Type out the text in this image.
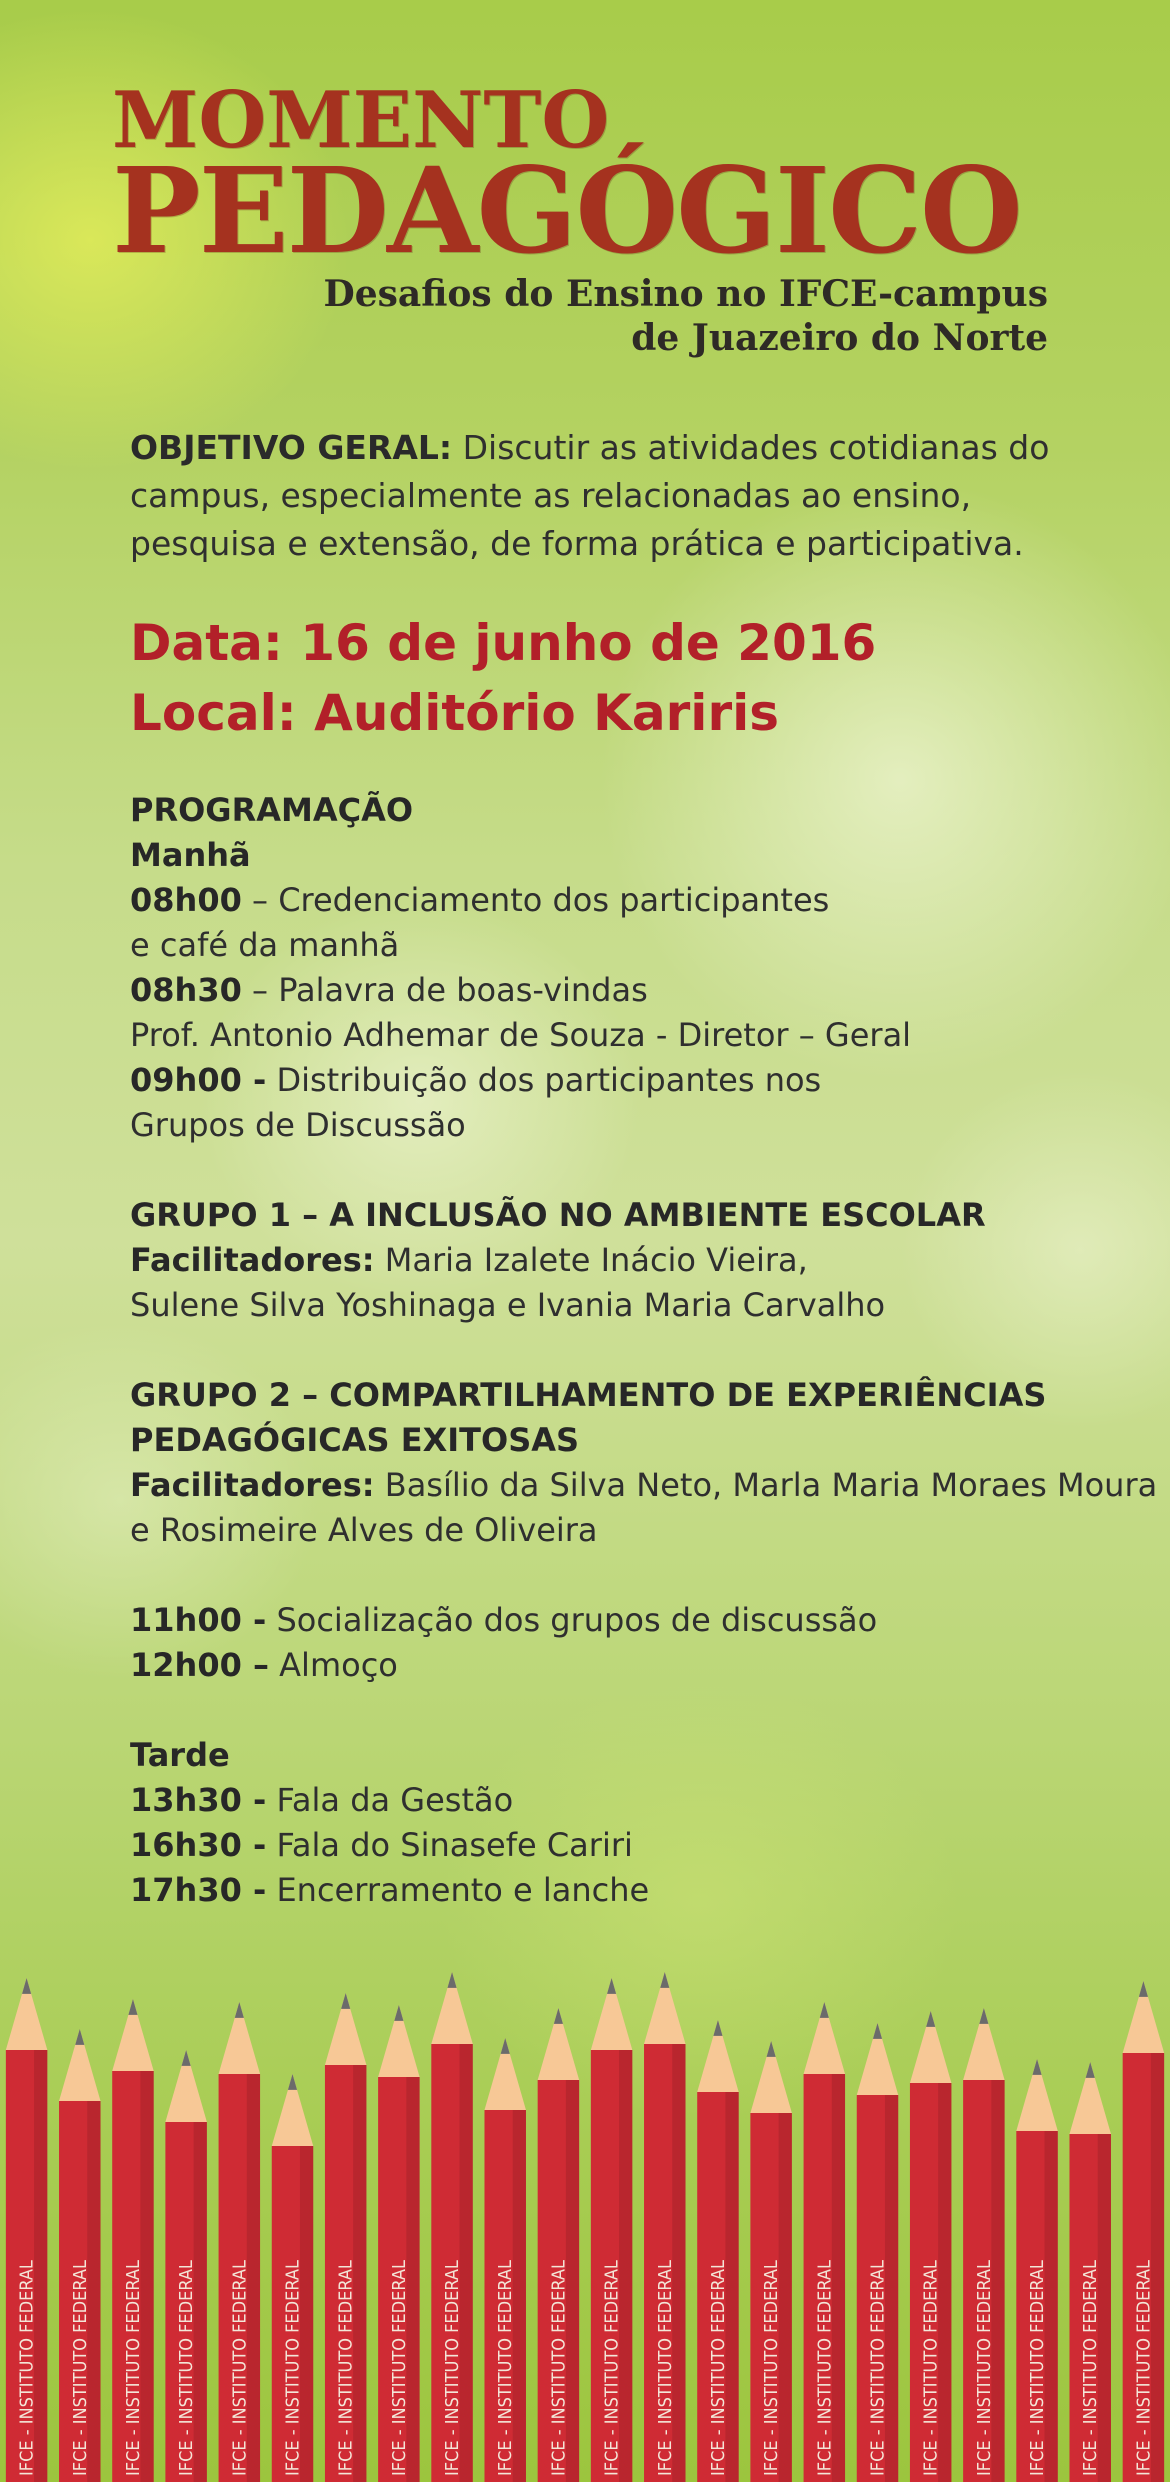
MOMENTO
PEDAGÓGICO
Desafios do Ensino no IFCE-campus
de Juazeiro do Norte

OBJETIVO GERAL: Discutir as atividades cotidianas do campus, especialmente as relacionadas ao ensino, pesquisa e extensão, de forma prática e participativa.

Data: 16 de junho de 2016

Local: Auditório Kariris

PROGRAMAÇÃO
Manhã
08h00 – Credenciamento dos participantes
e café da manhã
08h30 – Palavra de boas-vindas
Prof. Antonio Adhemar de Souza - Diretor – Geral
09h00 - Distribuição dos participantes nos
Grupos de Discussão
GRUPO 1 – A INCLUSÃO NO AMBIENTE ESCOLAR
Facilitadores: Maria Izalete Inácio Vieira,
Sulene Silva Yoshinaga e Ivania Maria Carvalho
GRUPO 2 – COMPARTILHAMENTO DE EXPERIÊNCIAS
PEDAGÓGICAS EXITOSAS
Facilitadores: Basílio da Silva Neto, Marla Maria Moraes Moura
e Rosimeire Alves de Oliveira
11h00 - Socialização dos grupos de discussão
12h00 – Almoço
Tarde
13h30 - Fala da Gestão
16h30 - Fala do Sinasefe Cariri
17h30 - Encerramento e lanche
IFCE - INSTITUTO FEDERAL IFCE - INSTITUTO FEDERAL IFCE - INSTITUTO FEDERAL IFCE - INSTITUTO FEDERAL IFCE - INSTITUTO FEDERAL IFCE - INSTITUTO FEDERAL IFCE - INSTITUTO FEDERAL IFCE - INSTITUTO FEDERAL IFCE - INSTITUTO FEDERAL IFCE - INSTITUTO FEDERAL IFCE - INSTITUTO FEDERAL IFCE - INSTITUTO FEDERAL IFCE - INSTITUTO FEDERAL IFCE - INSTITUTO FEDERAL IFCE - INSTITUTO FEDERAL IFCE - INSTITUTO FEDERAL IFCE - INSTITUTO FEDERAL IFCE - INSTITUTO FEDERAL IFCE - INSTITUTO FEDERAL IFCE - INSTITUTO FEDERAL IFCE - INSTITUTO FEDERAL IFCE - INSTITUTO FEDERAL
